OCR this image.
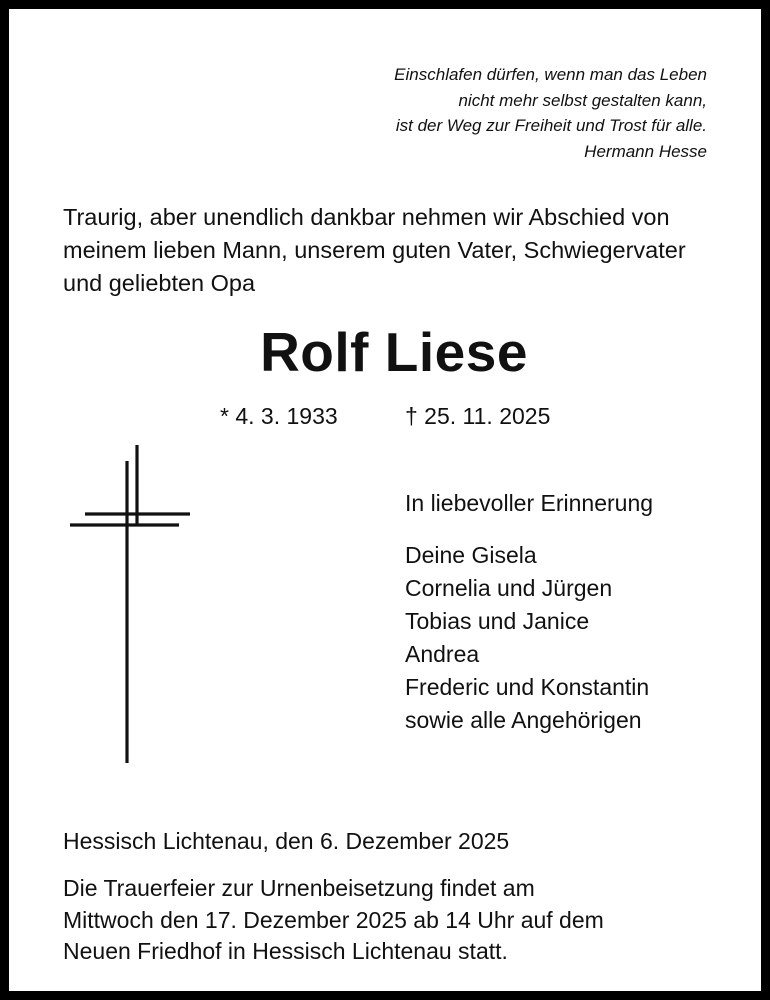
Einschlafen dürfen, wenn man das Leben
nicht mehr selbst gestalten kann,
ist der Weg zur Freiheit und Trost für alle.
Hermann Hesse
Traurig, aber unendlich dankbar nehmen wir Abschied von
meinem lieben Mann, unserem guten Vater, Schwiegervater
und geliebten Opa
Rolf Liese
* 4. 3. 1933	† 25. 11. 2025
In liebevoller Erinnerung
Deine Gisela
Cornelia und Jürgen
Tobias und Janice
Andrea
Frederic und Konstantin
sowie alle Angehörigen
Hessisch Lichtenau, den 6. Dezember 2025
Die Trauerfeier zur Urnenbeisetzung findet am
Mittwoch den 17. Dezember 2025 ab 14 Uhr auf dem
Neuen Friedhof in Hessisch Lichtenau statt.
